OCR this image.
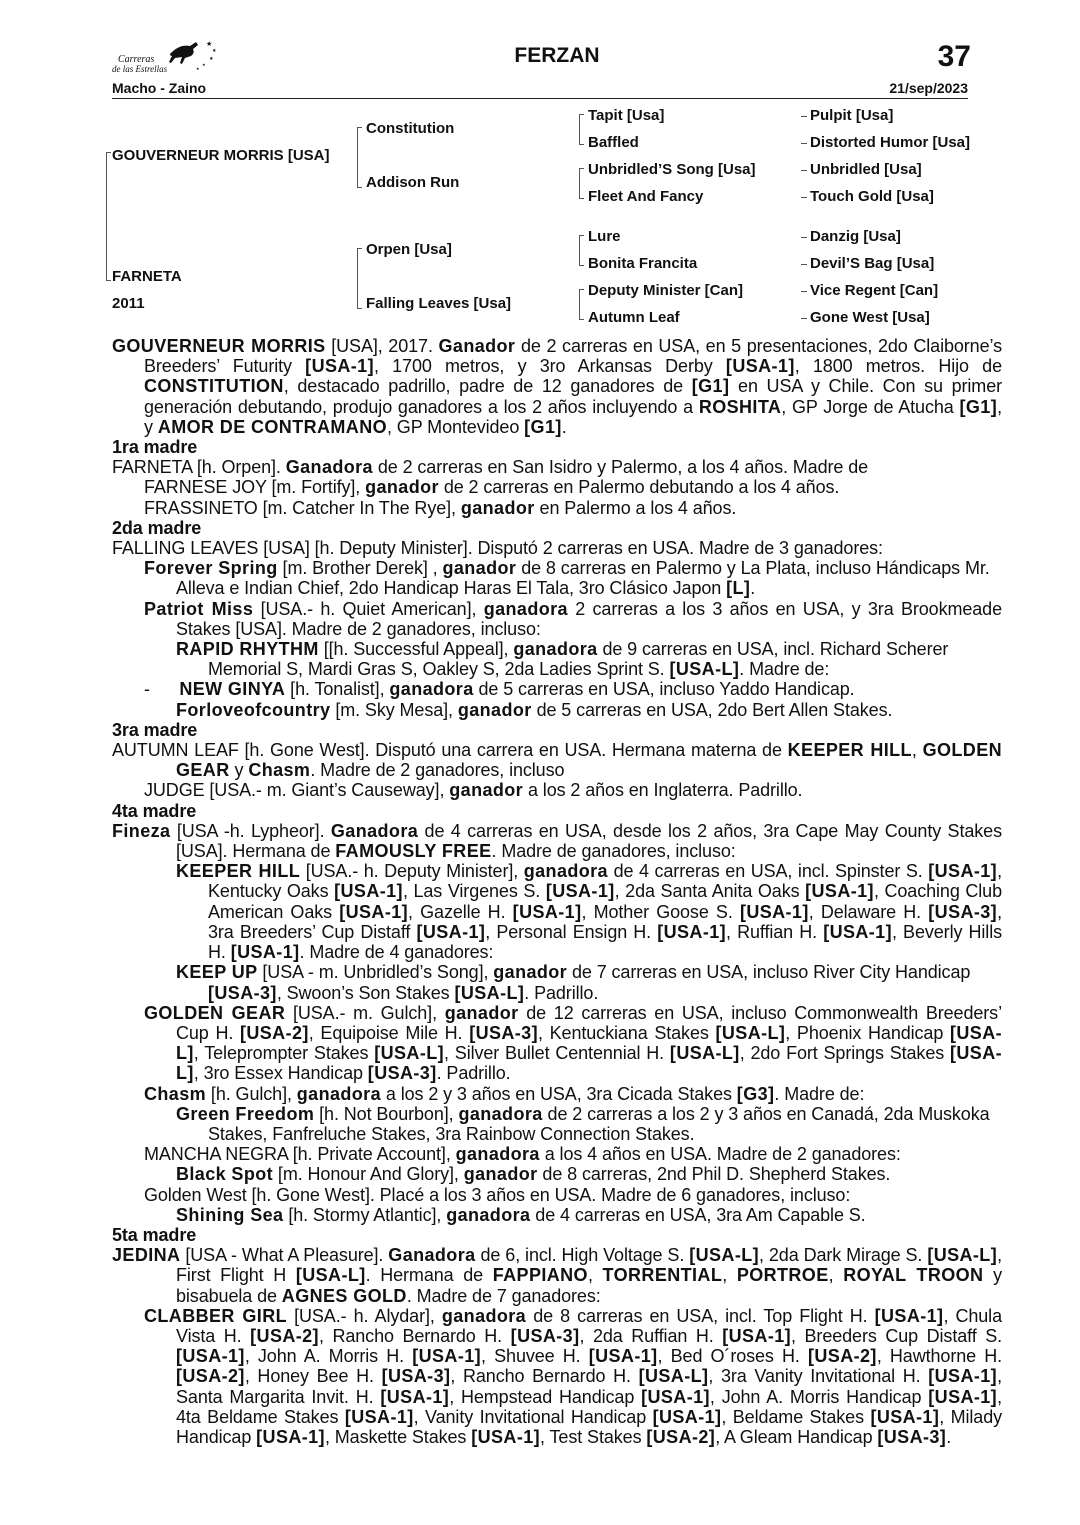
★
★
★
★
★
Carreras
de las Estrellas
FERZAN	37
Macho - Zaino	21/sep/2023
GOUVERNEUR MORRIS [USA]
FARNETA
2011
Constitution
Addison Run
Orpen [Usa]
Falling Leaves [Usa]
Tapit [Usa]
Baffled
Unbridled’S Song [Usa]
Fleet And Fancy
Lure
Bonita Francita
Deputy Minister [Can]
Autumn Leaf
Pulpit [Usa]
Distorted Humor [Usa]
Unbridled [Usa]
Touch Gold [Usa]
Danzig [Usa]
Devil’S Bag [Usa]
Vice Regent [Can]
Gone West [Usa]

GOUVERNEUR MORRIS [USA], 2017. Ganador de 2 carreras en USA, en 5 presentaciones, 2do Claiborne’s Breeders’ Futurity [USA-1], 1700 metros, y 3ro Arkansas Derby [USA-1], 1800 metros. Hijo de CONSTITUTION, destacado padrillo, padre de 12 ganadores de [G1] en USA y Chile. Con su primer generación debutando, produjo ganadores a los 2 años incluyendo a ROSHITA, GP Jorge de Atucha [G1], y AMOR DE CONTRAMANO, GP Montevideo [G1].

1ra madre

FARNETA [h. Orpen]. Ganadora de 2 carreras en San Isidro y Palermo, a los 4 años. Madre de

FARNESE JOY [m. Fortify], ganador de 2 carreras en Palermo debutando a los 4 años.

FRASSINETO [m. Catcher In The Rye], ganador en Palermo a los 4 años.

2da madre

FALLING LEAVES [USA] [h. Deputy Minister]. Disputó 2 carreras en USA. Madre de 3 ganadores:

Forever Spring [m. Brother Derek] , ganador de 8 carreras en Palermo y La Plata, incluso Hándicaps Mr. Alleva e Indian Chief, 2do Handicap Haras El Tala, 3ro Clásico Japon [L].

Patriot Miss [USA.- h. Quiet American], ganadora 2 carreras a los 3 años en USA, y 3ra Brookmeade Stakes [USA]. Madre de 2 ganadores, incluso:

RAPID RHYTHM [[h. Successful Appeal], ganadora de 9 carreras en USA, incl. Richard Scherer Memorial S, Mardi Gras S, Oakley S, 2da Ladies Sprint S. [USA-L]. Madre de:

-      NEW GINYA [h. Tonalist], ganadora de 5 carreras en USA, incluso Yaddo Handicap.

Forloveofcountry [m. Sky Mesa], ganador de 5 carreras en USA, 2do Bert Allen Stakes.

3ra madre

AUTUMN LEAF [h. Gone West]. Disputó una carrera en USA. Hermana materna de KEEPER HILL, GOLDEN GEAR y Chasm. Madre de 2 ganadores, incluso

JUDGE [USA.- m. Giant’s Causeway], ganador a los 2 años en Inglaterra. Padrillo.

4ta madre

Fineza [USA -h. Lypheor]. Ganadora de 4 carreras en USA, desde los 2 años, 3ra Cape May County Stakes [USA]. Hermana de FAMOUSLY FREE. Madre de ganadores, incluso:

KEEPER HILL [USA.- h. Deputy Minister], ganadora de 4 carreras en USA, incl. Spinster S. [USA-1], Kentucky Oaks [USA-1], Las Virgenes S. [USA-1], 2da Santa Anita Oaks [USA-1], Coaching Club American Oaks [USA-1], Gazelle H. [USA-1], Mother Goose S. [USA-1], Delaware H. [USA-3], 3ra Breeders’ Cup Distaff [USA-1], Personal Ensign H. [USA-1], Ruffian H. [USA-1], Beverly Hills H. [USA-1]. Madre de 4 ganadores:

KEEP UP [USA - m. Unbridled’s Song], ganador de 7 carreras en USA, incluso River City Handicap [USA-3], Swoon’s Son Stakes [USA-L]. Padrillo.

GOLDEN GEAR [USA.- m. Gulch], ganador de 12 carreras en USA, incluso Commonwealth Breeders’ Cup H. [USA-2], Equipoise Mile H. [USA-3], Kentuckiana Stakes [USA-L], Phoenix Handicap [USA-L], Teleprompter Stakes [USA-L], Silver Bullet Centennial H. [USA-L], 2do Fort Springs Stakes [USA-L], 3ro Essex Handicap [USA-3]. Padrillo.

Chasm [h. Gulch], ganadora a los 2 y 3 años en USA, 3ra Cicada Stakes [G3]. Madre de:

Green Freedom [h. Not Bourbon], ganadora de 2 carreras a los 2 y 3 años en Canadá, 2da Muskoka Stakes, Fanfreluche Stakes, 3ra Rainbow Connection Stakes.

MANCHA NEGRA [h. Private Account], ganadora a los 4 años en USA. Madre de 2 ganadores:

Black Spot [m. Honour And Glory], ganador de 8 carreras, 2nd Phil D. Shepherd Stakes.

Golden West [h. Gone West]. Placé a los 3 años en USA. Madre de 6 ganadores, incluso:

Shining Sea [h. Stormy Atlantic], ganadora de 4 carreras en USA, 3ra Am Capable S.

5ta madre

JEDINA [USA - What A Pleasure]. Ganadora de 6, incl. High Voltage S. [USA-L], 2da Dark Mirage S. [USA-L], First Flight H [USA-L]. Hermana de FAPPIANO, TORRENTIAL, PORTROE, ROYAL TROON y bisabuela de AGNES GOLD. Madre de 7 ganadores:

CLABBER GIRL [USA.- h. Alydar], ganadora de 8 carreras en USA, incl. Top Flight H. [USA-1], Chula Vista H. [USA-2], Rancho Bernardo H. [USA-3], 2da Ruffian H. [USA-1], Breeders Cup Distaff S. [USA-1], John A. Morris H. [USA-1], Shuvee H. [USA-1], Bed O´roses H. [USA-2], Hawthorne H. [USA-2], Honey Bee H. [USA-3], Rancho Bernardo H. [USA-L], 3ra Vanity Invitational H. [USA-1], Santa Margarita Invit. H. [USA-1], Hempstead Handicap [USA-1], John A. Morris Handicap [USA-1], 4ta Beldame Stakes [USA-1], Vanity Invitational Handicap [USA-1], Beldame Stakes [USA-1], Milady Handicap [USA-1], Maskette Stakes [USA-1], Test Stakes [USA-2], A Gleam Handicap [USA-3].
